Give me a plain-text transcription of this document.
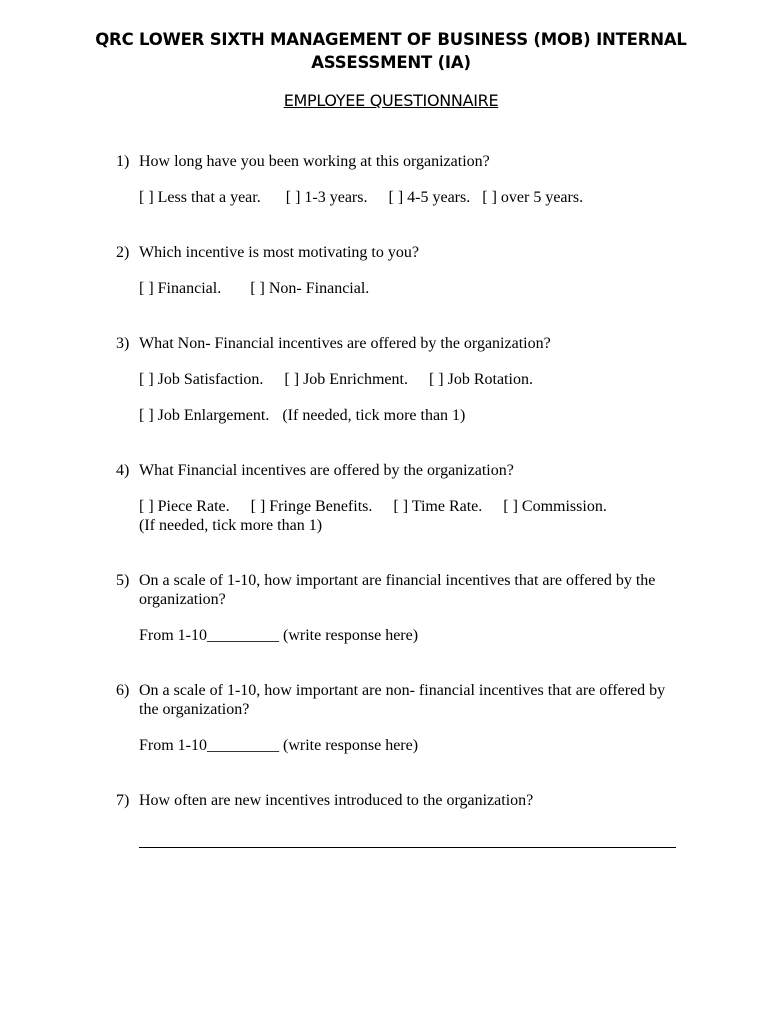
QRC LOWER SIXTH MANAGEMENT OF BUSINESS (MOB) INTERNAL ASSESSMENT (IA)
EMPLOYEE QUESTIONNAIRE
1) How long have you been working at this organization?
[ ] Less that a year. [ ] 1-3 years. [ ] 4-5 years. [ ] over 5 years.
2) Which incentive is most motivating to you?
[ ] Financial. [ ] Non- Financial.
3) What Non- Financial incentives are offered by the organization?
[ ] Job Satisfaction. [ ] Job Enrichment. [ ] Job Rotation.
[ ] Job Enlargement. (If needed, tick more than 1)
4) What Financial incentives are offered by the organization?
[ ] Piece Rate. [ ] Fringe Benefits. [ ] Time Rate. [ ] Commission.
(If needed, tick more than 1)
5) On a scale of 1-10, how important are financial incentives that are offered by the organization?
From 1-10_________ (write response here)
6) On a scale of 1-10, how important are non- financial incentives that are offered by the organization?
From 1-10_________ (write response here)
7) How often are new incentives introduced to the organization?
